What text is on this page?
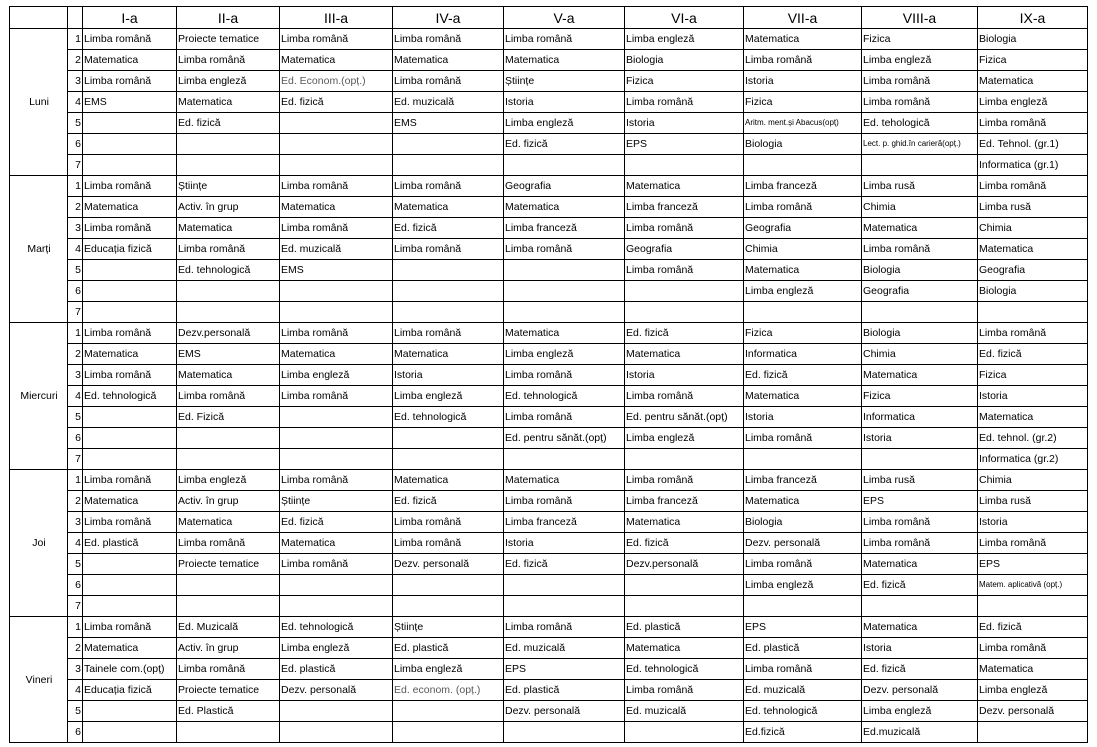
		I-a	II-a	III-a	IV-a	V-a	VI-a	VII-a	VIII-a	IX-a
Luni	1	Limba română	Proiecte tematice	Limba română	Limba română	Limba română	Limba engleză	Matematica	Fizica	Biologia
	2	Matematica	Limba română	Matematica	Matematica	Matematica	Biologia	Limba română	Limba engleză	Fizica
	3	Limba română	Limba engleză	Ed. Econom.(opț.)	Limba română	Științe	Fizica	Istoria	Limba română	Matematica
	4	EMS	Matematica	Ed. fizică	Ed. muzicală	Istoria	Limba română	Fizica	Limba română	Limba engleză
	5		Ed. fizică		EMS	Limba engleză	Istoria	Aritm. ment.și Abacus(opț)	Ed. tehologică	Limba română
	6					Ed. fizică	EPS	Biologia	Lect. p. ghid.în carieră(opț.)	Ed. Tehnol. (gr.1)
	7									Informatica (gr.1)
Marți	1	Limba română	Științe	Limba română	Limba română	Geografia	Matematica	Limba franceză	Limba rusă	Limba română
	2	Matematica	Activ. în grup	Matematica	Matematica	Matematica	Limba franceză	Limba română	Chimia	Limba rusă
	3	Limba română	Matematica	Limba română	Ed. fizică	Limba franceză	Limba română	Geografia	Matematica	Chimia
	4	Educația fizică	Limba română	Ed. muzicală	Limba română	Limba română	Geografia	Chimia	Limba română	Matematica
	5		Ed. tehnologică	EMS			Limba română	Matematica	Biologia	Geografia
	6							Limba engleză	Geografia	Biologia
	7									
Miercuri	1	Limba română	Dezv.personală	Limba română	Limba română	Matematica	Ed. fizică	Fizica	Biologia	Limba română
	2	Matematica	EMS	Matematica	Matematica	Limba engleză	Matematica	Informatica	Chimia	Ed. fizică
	3	Limba română	Matematica	Limba engleză	Istoria	Limba română	Istoria	Ed. fizică	Matematica	Fizica
	4	Ed. tehnologică	Limba română	Limba română	Limba engleză	Ed. tehnologică	Limba română	Matematica	Fizica	Istoria
	5		Ed. Fizică		Ed. tehnologică	Limba română	Ed. pentru sănăt.(opț)	Istoria	Informatica	Matematica
	6					Ed. pentru sănăt.(opț)	Limba engleză	Limba română	Istoria	Ed. tehnol. (gr.2)
	7									Informatica (gr.2)
Joi	1	Limba română	Limba engleză	Limba română	Matematica	Matematica	Limba română	Limba franceză	Limba rusă	Chimia
	2	Matematica	Activ. în grup	Științe	Ed. fizică	Limba română	Limba franceză	Matematica	EPS	Limba rusă
	3	Limba română	Matematica	Ed. fizică	Limba română	Limba franceză	Matematica	Biologia	Limba română	Istoria
	4	Ed. plastică	Limba română	Matematica	Limba română	Istoria	Ed. fizică	Dezv. personală	Limba română	Limba română
	5		Proiecte tematice	Limba română	Dezv. personală	Ed. fizică	Dezv.personală	Limba română	Matematica	EPS
	6							Limba engleză	Ed. fizică	Matem. aplicativă (opț.)
	7									
Vineri	1	Limba română	Ed. Muzicală	Ed. tehnologică	Științe	Limba română	Ed. plastică	EPS	Matematica	Ed. fizică
	2	Matematica	Activ. în grup	Limba engleză	Ed. plastică	Ed. muzicală	Matematica	Ed. plastică	Istoria	Limba română
	3	Tainele com.(opț)	Limba română	Ed. plastică	Limba engleză	EPS	Ed. tehnologică	Limba română	Ed. fizică	Matematica
	4	Educația fizică	Proiecte tematice	Dezv. personală	Ed. econom. (opț.)	Ed. plastică	Limba română	Ed. muzicală	Dezv. personală	Limba engleză
	5		Ed. Plastică			Dezv. personală	Ed. muzicală	Ed. tehnologică	Limba engleză	Dezv. personală
	6							Ed.fizică	Ed.muzicală	
